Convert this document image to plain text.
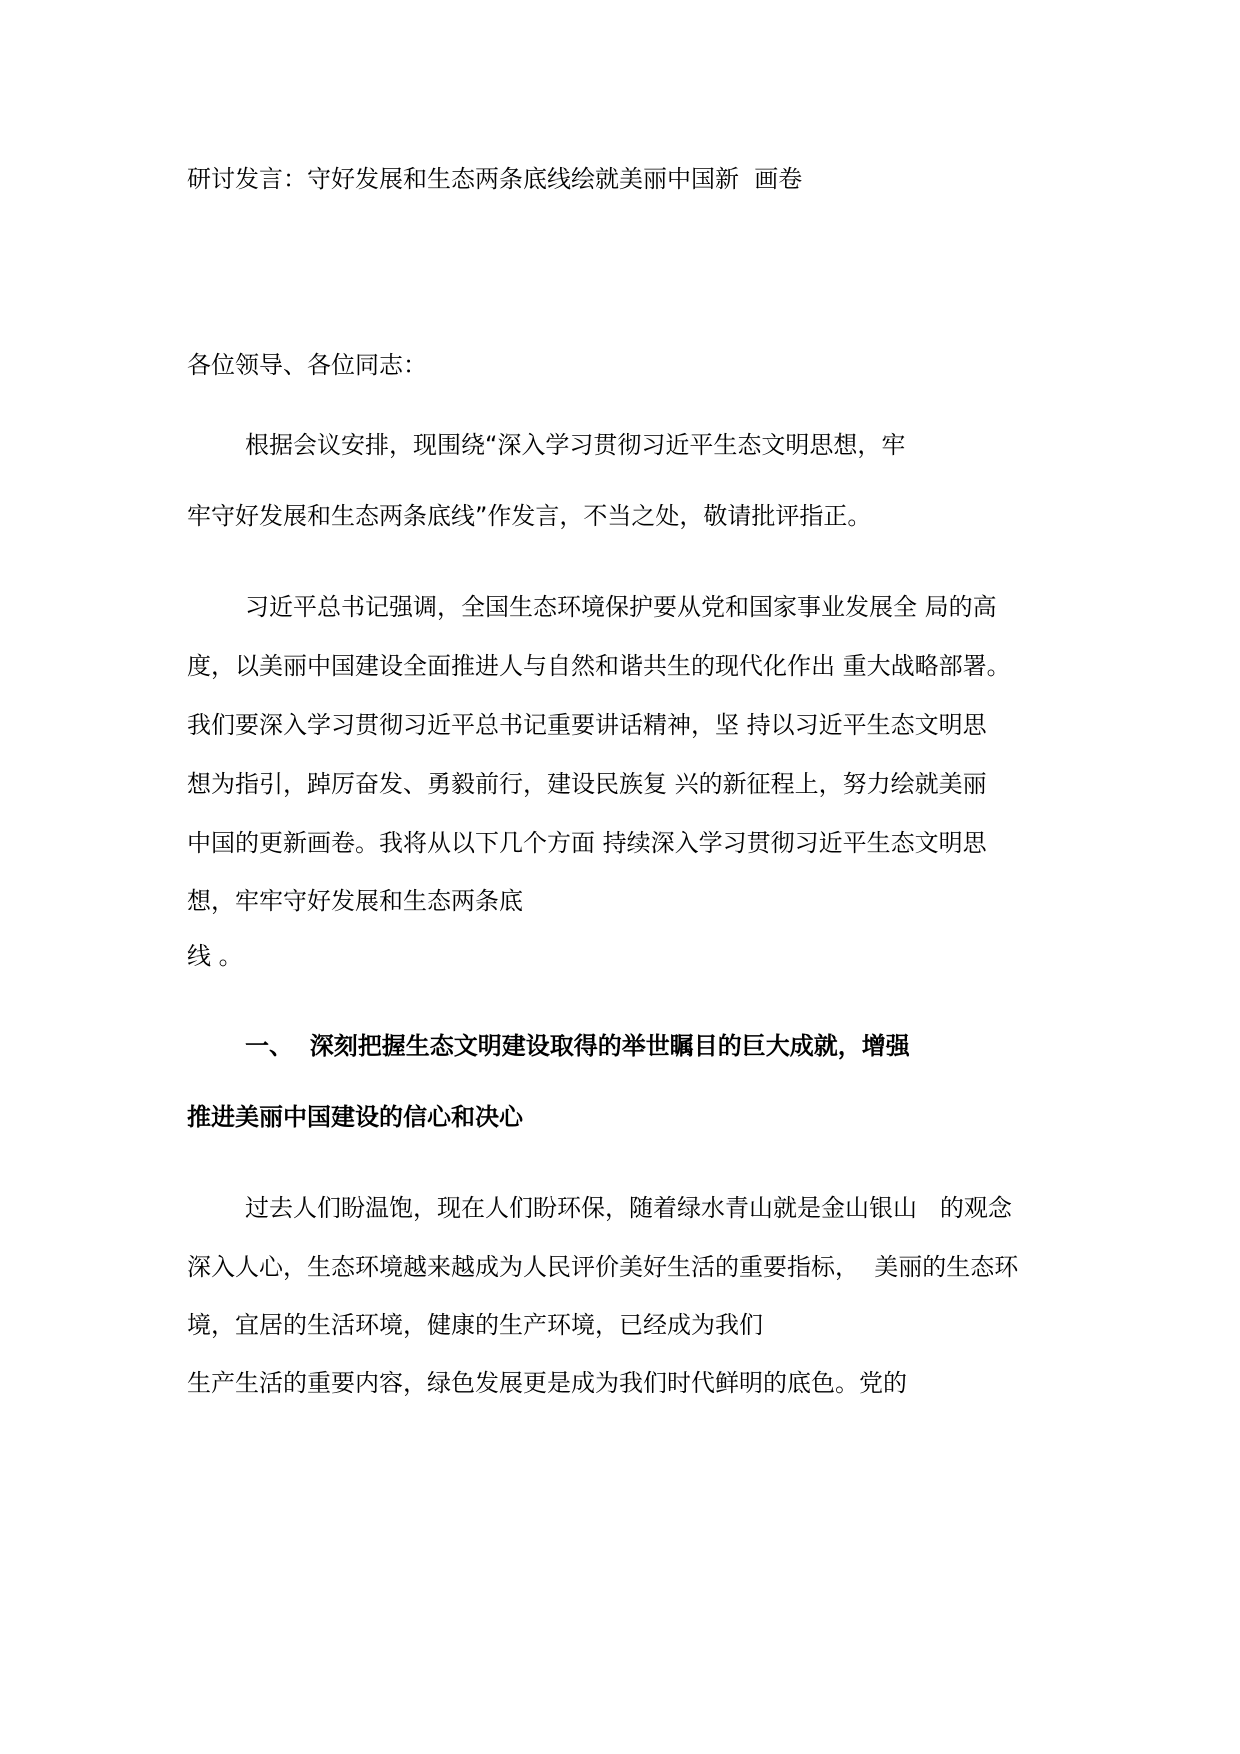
研讨发言：守好发展和生态两条底线绘就美丽中国新  画卷

各位领导、各位同志：

根据会议安排，现围绕“深入学习贯彻习近平生态文明思想，牢

牢守好发展和生态两条底线”作发言，不当之处，敬请批评指正。

习近平总书记强调，全国生态环境保护要从党和国家事业发展全 局的高

度，以美丽中国建设全面推进人与自然和谐共生的现代化作出 重大战略部署。

我们要深入学习贯彻习近平总书记重要讲话精神，坚 持以习近平生态文明思

想为指引，踔厉奋发、勇毅前行，建设民族复 兴的新征程上，努力绘就美丽

中国的更新画卷。我将从以下几个方面 持续深入学习贯彻习近平生态文明思

想，牢牢守好发展和生态两条底

线 。

一、  深刻把握生态文明建设取得的举世瞩目的巨大成就，增强

推进美丽中国建设的信心和决心

过去人们盼温饱，现在人们盼环保，随着绿水青山就是金山银山   的观念

深入人心，生态环境越来越成为人民评价美好生活的重要指标，  美丽的生态环

境，宜居的生活环境，健康的生产环境，已经成为我们

生产生活的重要内容，绿色发展更是成为我们时代鲜明的底色。党的
